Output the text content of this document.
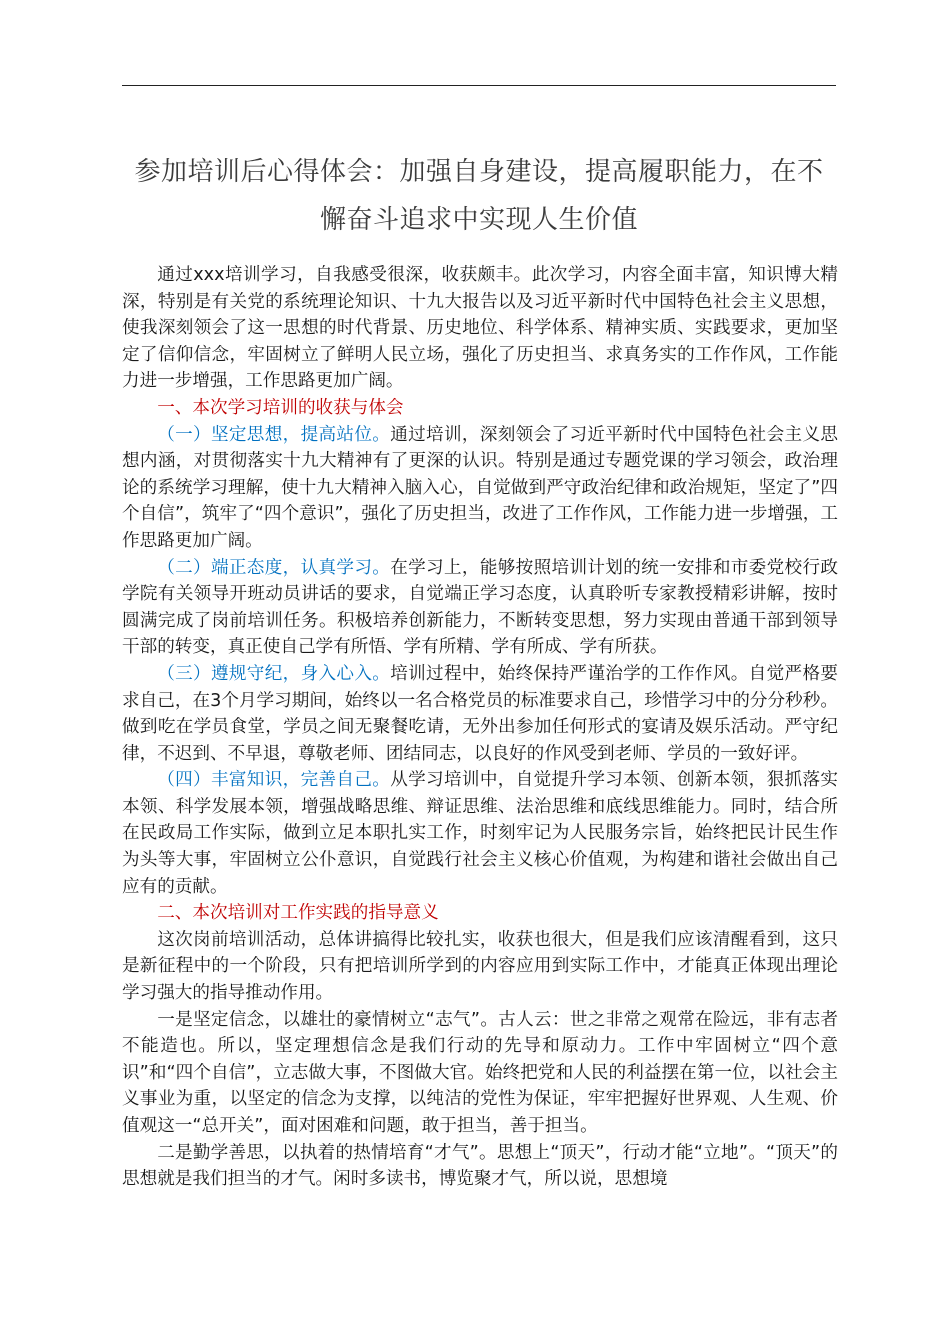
参加培训后心得体会：加强自身建设，提高履职能力，在不懈奋斗追求中实现人生价值

通过xxx培训学习，自我感受很深，收获颇丰。此次学习，内容全面丰富，知识博大精深，特别是有关党的系统理论知识、十九大报告以及习近平新时代中国特色社会主义思想，使我深刻领会了这一思想的时代背景、历史地位、科学体系、精神实质、实践要求，更加坚定了信仰信念，牢固树立了鲜明人民立场，强化了历史担当、求真务实的工作作风，工作能力进一步增强，工作思路更加广阔。

一、本次学习培训的收获与体会

（一）坚定思想，提高站位。通过培训，深刻领会了习近平新时代中国特色社会主义思想内涵，对贯彻落实十九大精神有了更深的认识。特别是通过专题党课的学习领会，政治理论的系统学习理解，使十九大精神入脑入心，自觉做到严守政治纪律和政治规矩，坚定了”四个自信”，筑牢了“四个意识”，强化了历史担当，改进了工作作风，工作能力进一步增强，工作思路更加广阔。

（二）端正态度，认真学习。在学习上，能够按照培训计划的统一安排和市委党校行政学院有关领导开班动员讲话的要求，自觉端正学习态度，认真聆听专家教授精彩讲解，按时圆满完成了岗前培训任务。积极培养创新能力，不断转变思想，努力实现由普通干部到领导干部的转变，真正使自己学有所悟、学有所精、学有所成、学有所获。

（三）遵规守纪，身入心入。培训过程中，始终保持严谨治学的工作作风。自觉严格要求自己，在3个月学习期间，始终以一名合格党员的标准要求自己，珍惜学习中的分分秒秒。做到吃在学员食堂，学员之间无聚餐吃请，无外出参加任何形式的宴请及娱乐活动。严守纪律，不迟到、不早退，尊敬老师、团结同志，以良好的作风受到老师、学员的一致好评。

（四）丰富知识，完善自己。从学习培训中，自觉提升学习本领、创新本领，狠抓落实本领、科学发展本领，增强战略思维、辩证思维、法治思维和底线思维能力。同时，结合所在民政局工作实际，做到立足本职扎实工作，时刻牢记为人民服务宗旨，始终把民计民生作为头等大事，牢固树立公仆意识，自觉践行社会主义核心价值观，为构建和谐社会做出自己应有的贡献。

二、本次培训对工作实践的指导意义

这次岗前培训活动，总体讲搞得比较扎实，收获也很大，但是我们应该清醒看到，这只是新征程中的一个阶段，只有把培训所学到的内容应用到实际工作中，才能真正体现出理论学习强大的指导推动作用。

一是坚定信念，以雄壮的豪情树立“志气”。古人云：世之非常之观常在险远，非有志者不能造也。所以，坚定理想信念是我们行动的先导和原动力。工作中牢固树立“四个意识”和“四个自信”，立志做大事，不图做大官。始终把党和人民的利益摆在第一位，以社会主义事业为重，以坚定的信念为支撑，以纯洁的党性为保证，牢牢把握好世界观、人生观、价值观这一“总开关”，面对困难和问题，敢于担当，善于担当。

二是勤学善思，以执着的热情培育“才气”。思想上“顶天”，行动才能“立地”。“顶天”的思想就是我们担当的才气。闲时多读书，博览聚才气，所以说，思想境
